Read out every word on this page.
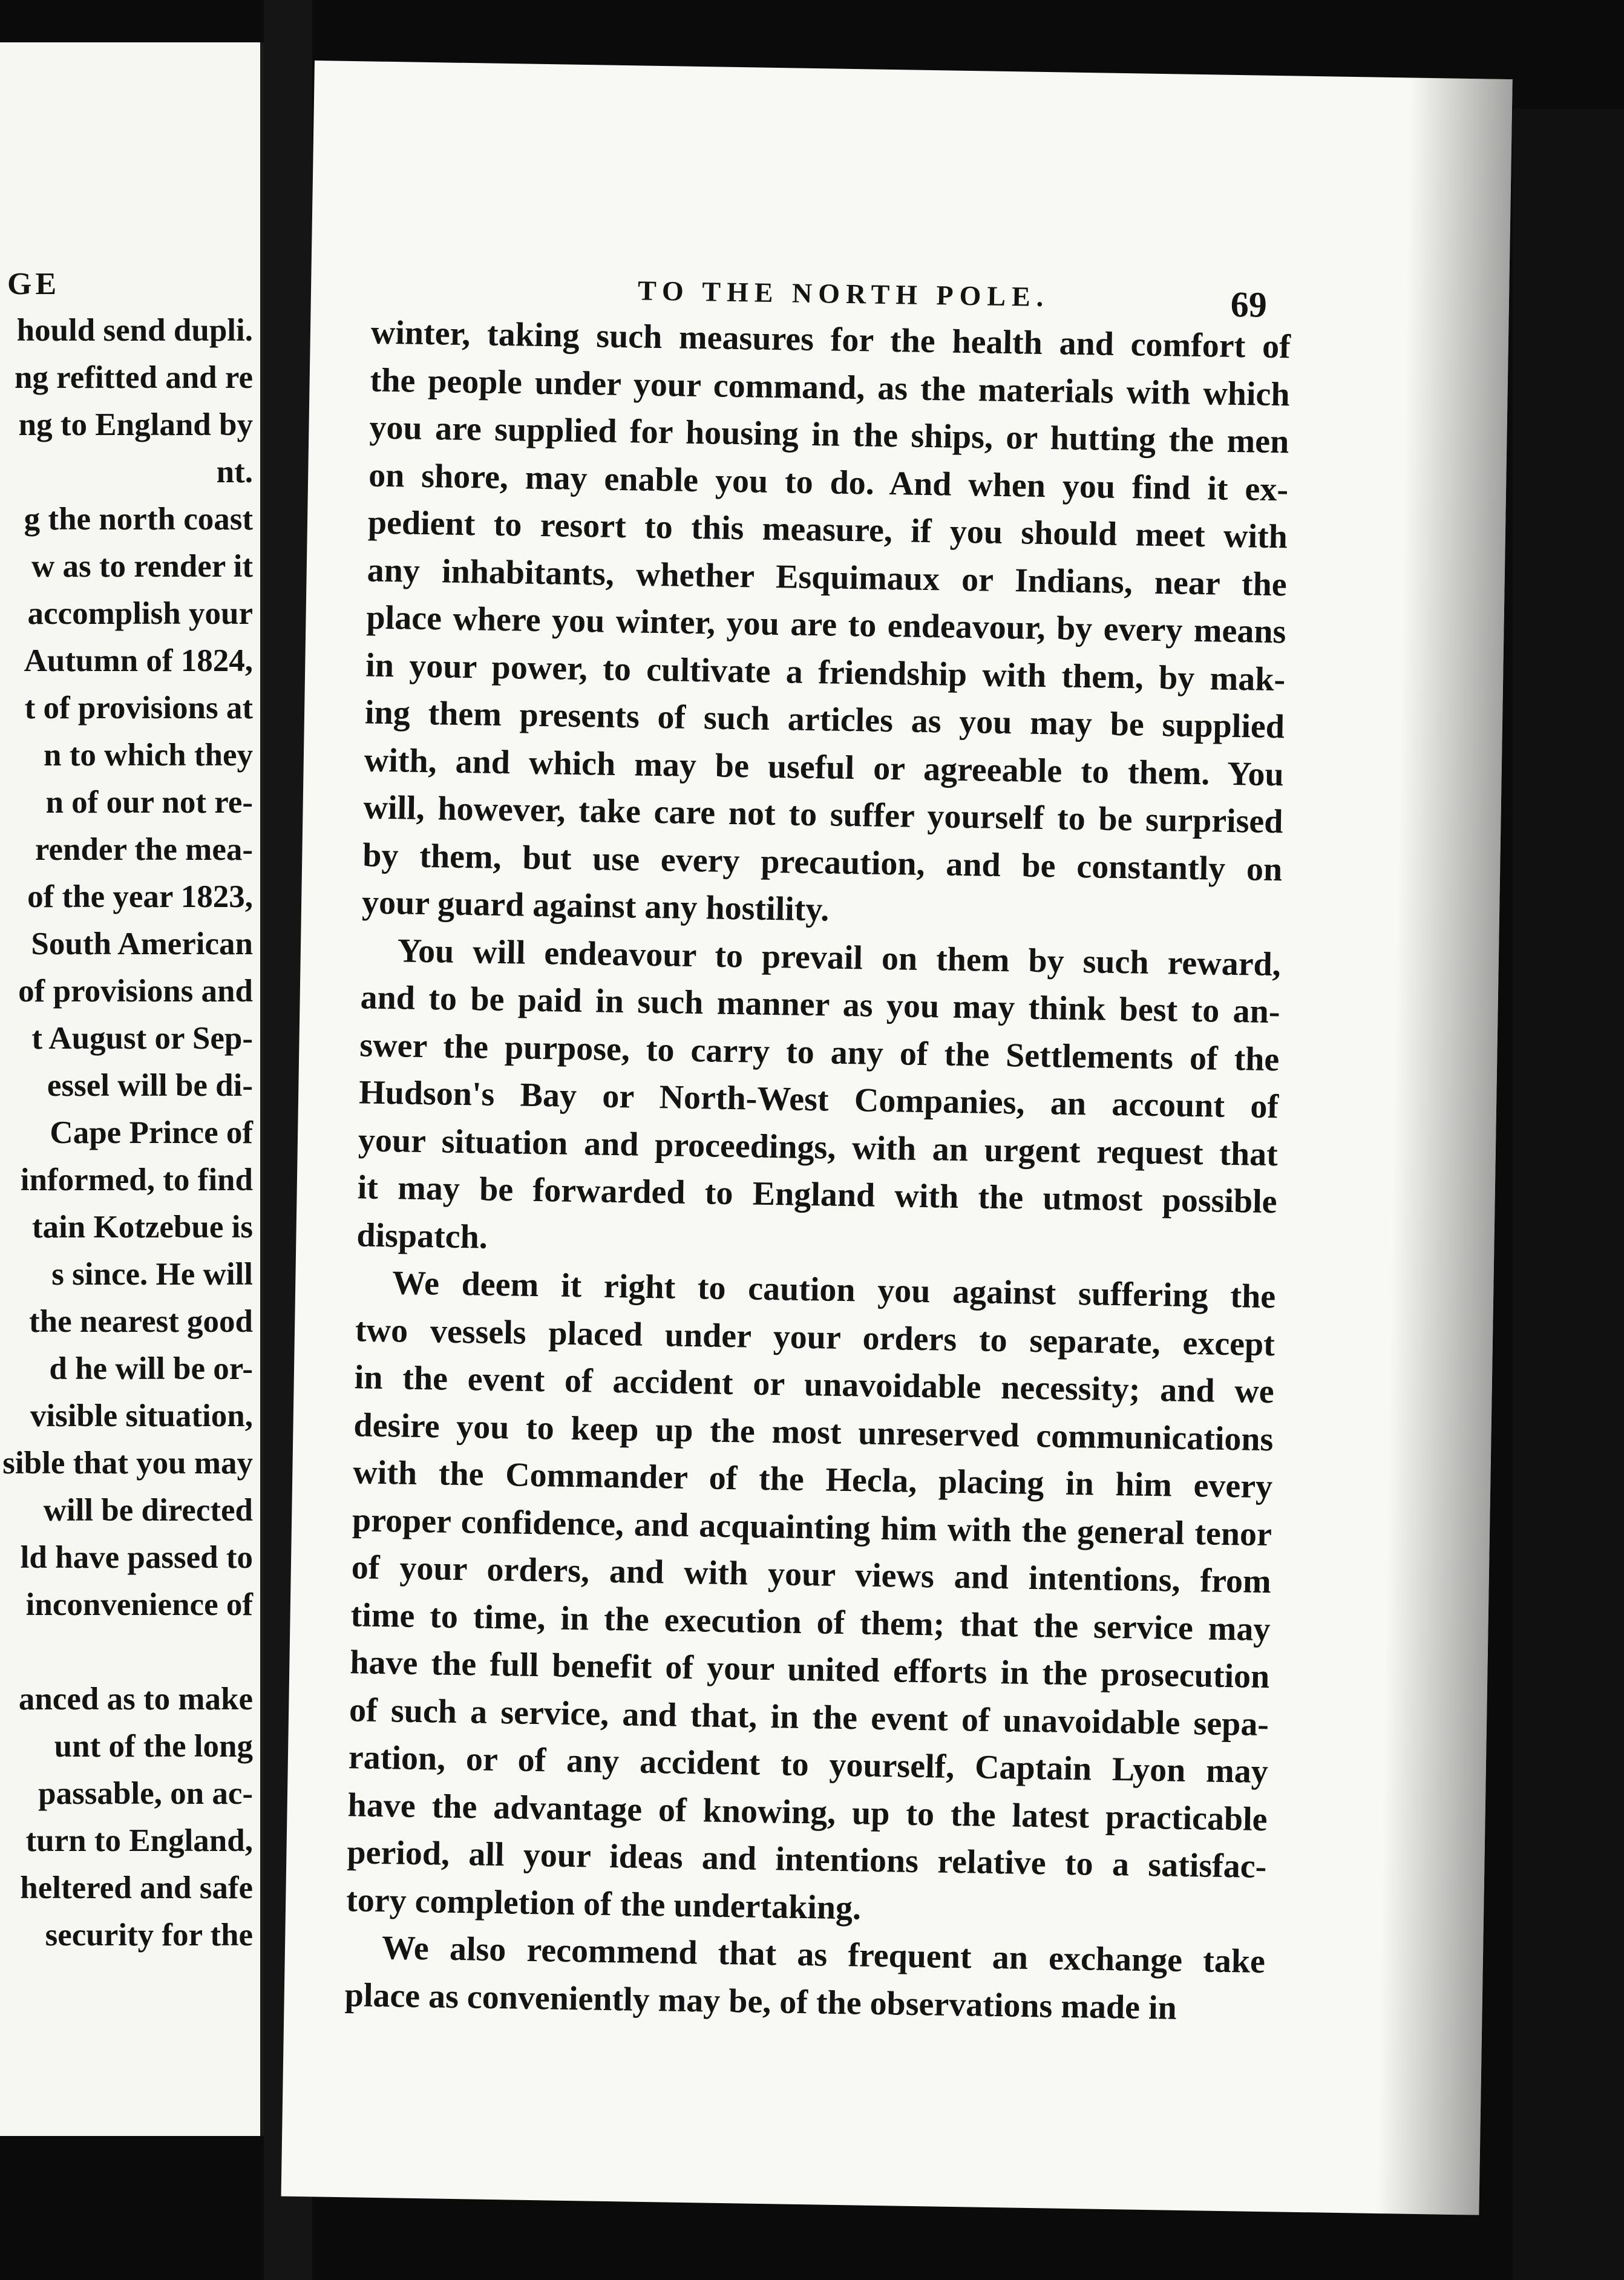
GE
hould send dupli.
ng refitted and re
ng to England by
nt.
g the north coast
w as to render it
accomplish your
Autumn of 1824,
t of provisions at
n to which they
n of our not re-
render the mea-
of the year 1823,
South American
of provisions and
t August or Sep-
essel will be di-
Cape Prince of
informed, to find
tain Kotzebue is
s since. He will
the nearest good
d he will be or-
visible situation,
sible that you may
will be directed
ld have passed to
inconvenience of
anced as to make
unt of the long
passable, on ac-
turn to England,
heltered and safe
security for the
TO THE NORTH POLE.	69
winter, taking such measures for the health and comfort of
the people under your command, as the materials with which
you are supplied for housing in the ships, or hutting the men
on shore, may enable you to do. And when you find it ex-
pedient to resort to this measure, if you should meet with
any inhabitants, whether Esquimaux or Indians, near the
place where you winter, you are to endeavour, by every means
in your power, to cultivate a friendship with them, by mak-
ing them presents of such articles as you may be supplied
with, and which may be useful or agreeable to them. You
will, however, take care not to suffer yourself to be surprised
by them, but use every precaution, and be constantly on
your guard against any hostility.
You will endeavour to prevail on them by such reward,
and to be paid in such manner as you may think best to an-
swer the purpose, to carry to any of the Settlements of the
Hudson's Bay or North-West Companies, an account of
your situation and proceedings, with an urgent request that
it may be forwarded to England with the utmost possible
dispatch.
We deem it right to caution you against suffering the
two vessels placed under your orders to separate, except
in the event of accident or unavoidable necessity; and we
desire you to keep up the most unreserved communications
with the Commander of the Hecla, placing in him every
proper confidence, and acquainting him with the general tenor
of your orders, and with your views and intentions, from
time to time, in the execution of them; that the service may
have the full benefit of your united efforts in the prosecution
of such a service, and that, in the event of unavoidable sepa-
ration, or of any accident to yourself, Captain Lyon may
have the advantage of knowing, up to the latest practicable
period, all your ideas and intentions relative to a satisfac-
tory completion of the undertaking.
We also recommend that as frequent an exchange take
place as conveniently may be, of the observations made in
